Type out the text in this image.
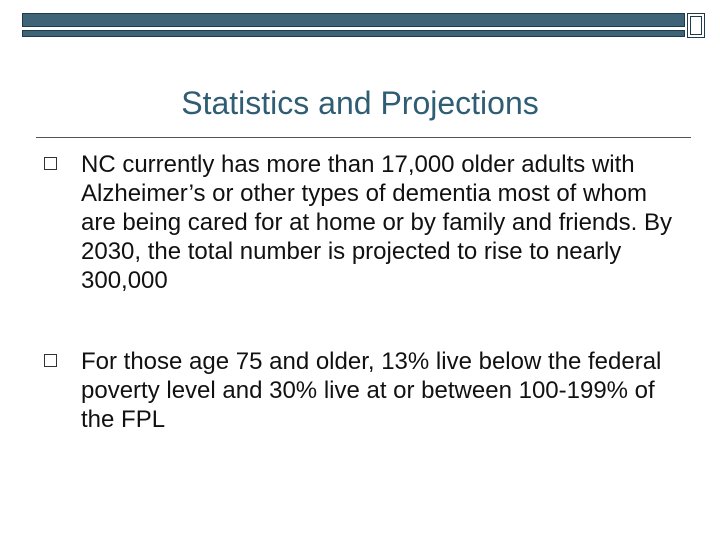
Statistics and Projections
NC currently has more than 17,000 older adults with Alzheimer’s or other types of dementia most of whom are being cared for at home or by family and friends. By 2030, the total number is projected to rise to nearly 300,000
For those age 75 and older, 13% live below the federal poverty level and 30% live at or between 100-199% of the FPL
